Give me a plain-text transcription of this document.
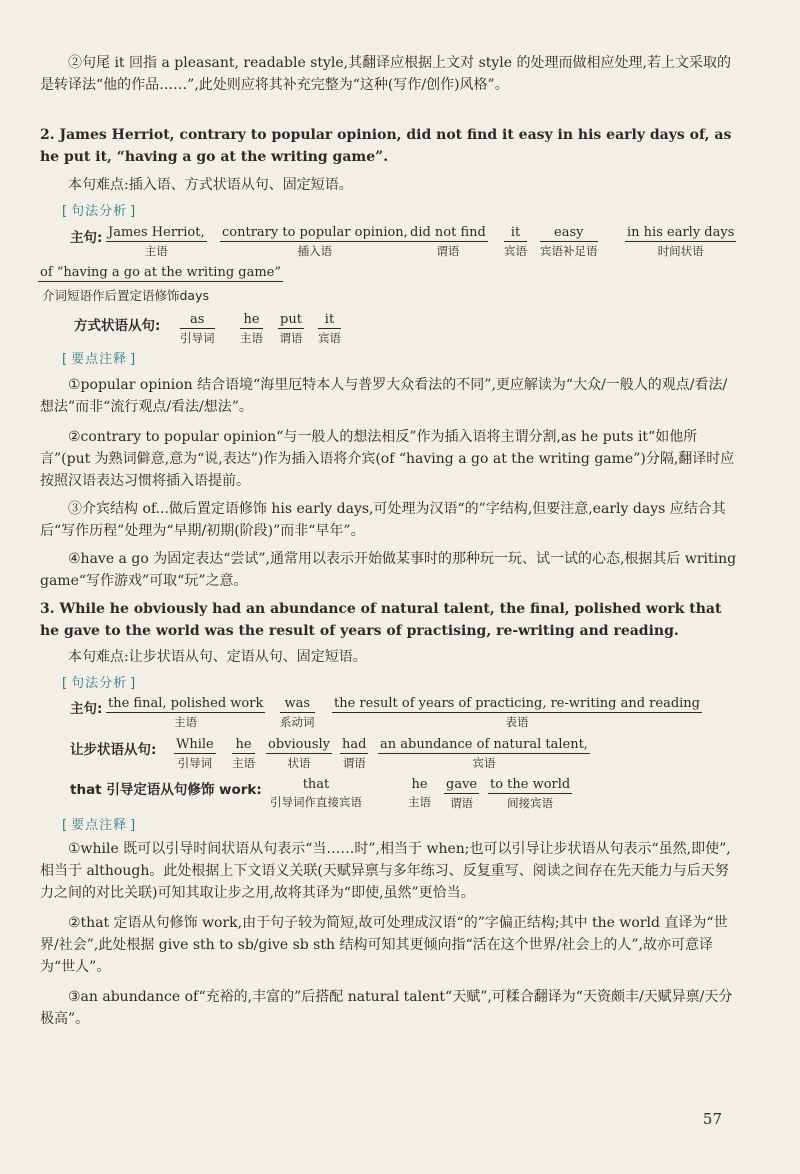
②句尾 it 回指 a pleasant, readable style,其翻译应根据上文对 style 的处理而做相应处理,若上文采取的是转译法“他的作品……”,此处则应将其补充完整为“这种(写作/创作)风格”。

2. James Herriot, contrary to popular opinion, did not find it easy in his early days of, as he put it, “having a go at the writing game”.

本句难点:插入语、方式状语从句、固定短语。

[ 句法分析 ]
主句: James Herriot,
主语
contrary to popular opinion,
插入语
did not find
谓语
it
宾语
easy
宾语补足语
in his early days
时间状语
of “having a go at the writing game”
介词短语作后置定语修饰days
方式状语从句:	as
引导词
he
主语
put
谓语
it
宾语
[ 要点注释 ]

①popular opinion 结合语境“海里厄特本人与普罗大众看法的不同”,更应解读为“大众/一般人的观点/看法/想法”而非“流行观点/看法/想法”。

②contrary to popular opinion“与一般人的想法相反”作为插入语将主谓分割,as he puts it“如他所言”(put 为熟词僻意,意为“说,表达”)作为插入语将介宾(of “having a go at the writing game”)分隔,翻译时应按照汉语表达习惯将插入语提前。

③介宾结构 of...做后置定语修饰 his early days,可处理为汉语“的”字结构,但要注意,early days 应结合其后“写作历程”处理为“早期/初期(阶段)”而非“早年”。

④have a go 为固定表达“尝试”,通常用以表示开始做某事时的那种玩一玩、试一试的心态,根据其后 writing game“写作游戏”可取“玩”之意。

3. While he obviously had an abundance of natural talent, the final, polished work that he gave to the world was the result of years of practising, re-writing and reading.

本句难点:让步状语从句、定语从句、固定短语。

[ 句法分析 ]
主句: the final, polished work
主语
was
系动词
the result of years of practicing, re-writing and reading
表语
让步状语从句: While
引导词
he
主语
obviously
状语
had
谓语
an abundance of natural talent,
宾语
that 引导定语从句修饰 work:	that
引导词作直接宾语
he
主语
gave
谓语
to the world
间接宾语
[ 要点注释 ]

①while 既可以引导时间状语从句表示“当……时”,相当于 when;也可以引导让步状语从句表示“虽然,即使”,相当于 although。此处根据上下文语义关联(天赋异禀与多年练习、反复重写、阅读之间存在先天能力与后天努力之间的对比关联)可知其取让步之用,故将其译为“即使,虽然”更恰当。

②that 定语从句修饰 work,由于句子较为简短,故可处理成汉语“的”字偏正结构;其中 the world 直译为“世界/社会”,此处根据 give sth to sb/give sb sth 结构可知其更倾向指“活在这个世界/社会上的人”,故亦可意译为“世人”。

③an abundance of“充裕的,丰富的”后搭配 natural talent“天赋”,可糅合翻译为“天资颇丰/天赋异禀/天分极高”。

57
